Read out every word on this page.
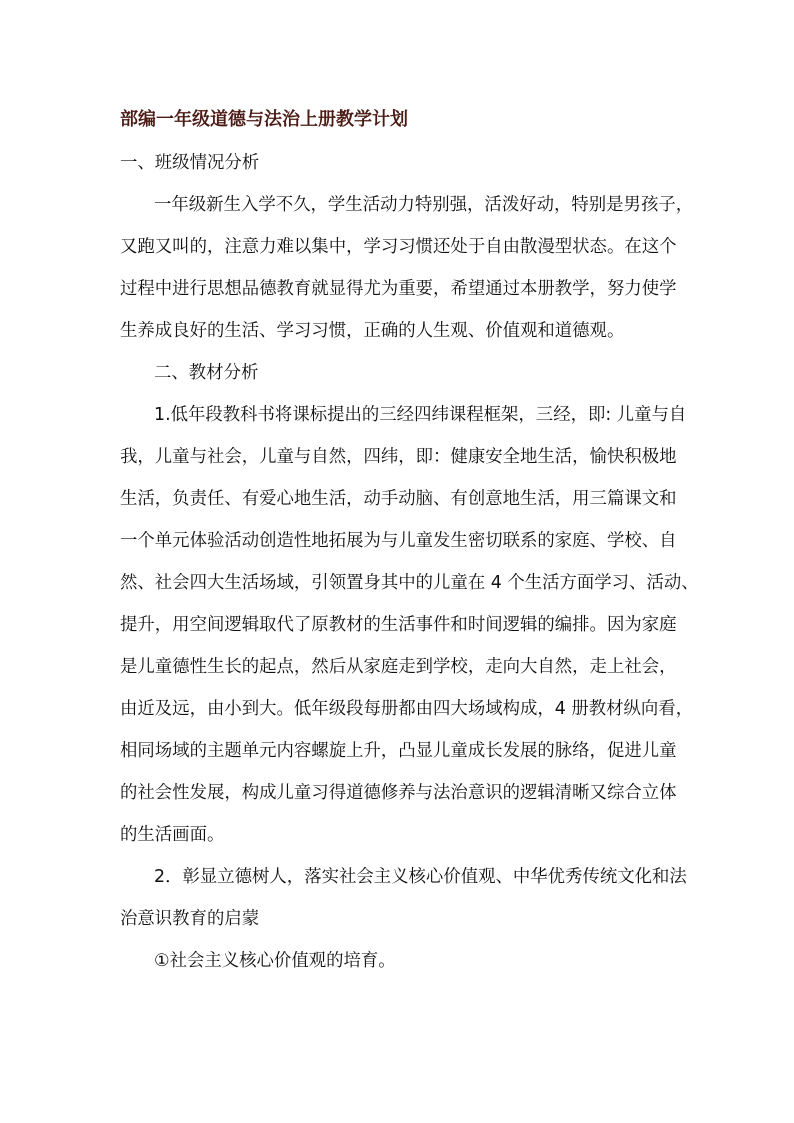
部编一年级道德与法治上册教学计划

一、班级情况分析

一年级新生入学不久，学生活动力特别强，活泼好动，特别是男孩子，

又跑又叫的，注意力难以集中，学习习惯还处于自由散漫型状态。在这个

过程中进行思想品德教育就显得尤为重要，希望通过本册教学，努力使学

生养成良好的生活、学习习惯，正确的人生观、价值观和道德观。

二、教材分析

1.低年段教科书将课标提出的三经四纬课程框架，三经，即: 儿童与自

我，儿童与社会，儿童与自然，四纬，即：健康安全地生活，愉快积极地

生活，负责任、有爱心地生活，动手动脑、有创意地生活，用三篇课文和

一个单元体验活动创造性地拓展为与儿童发生密切联系的家庭、学校、自

然、社会四大生活场域，引领置身其中的儿童在 4 个生活方面学习、活动、

提升，用空间逻辑取代了原教材的生活事件和时间逻辑的编排。因为家庭

是儿童德性生长的起点，然后从家庭走到学校，走向大自然，走上社会，

由近及远，由小到大。低年级段每册都由四大场域构成，4 册教材纵向看，

相同场域的主题单元内容螺旋上升，凸显儿童成长发展的脉络，促进儿童

的社会性发展，构成儿童习得道德修养与法治意识的逻辑清晰又综合立体

的生活画面。

2．彰显立德树人，落实社会主义核心价值观、中华优秀传统文化和法

治意识教育的启蒙

①社会主义核心价值观的培育。
